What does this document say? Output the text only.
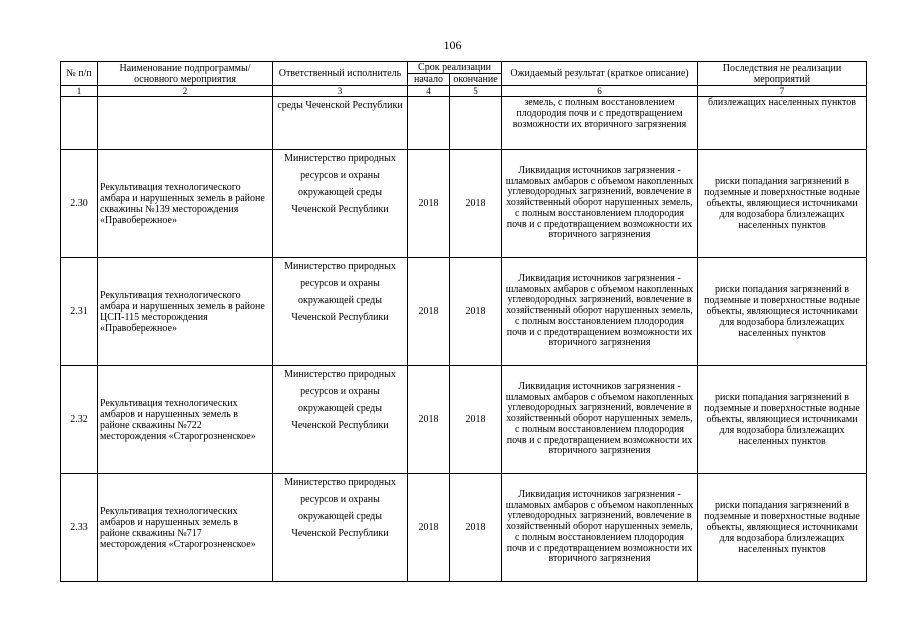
106
№ п/п	Наименование подпрограммы/ основного мероприятия	Ответственный исполнитель	Срок реализации		Ожидаемый результат (краткое описание)	Последствия не реализации мероприятий
			начало	окончание		
1	2	3	4	5	6	7
		среды Чеченской Республики			земель, с полным восстановлением плодородия почв и с предотвращением возможности их вторичного загрязнения	близлежащих населенных пунктов
2.30	Рекультивация технологического амбара и нарушенных земель в районе скважины №139 месторождения «Правобережное»	Министерство природных ресурсов и охраны окружающей среды Чеченской Республики	2018	2018	Ликвидация источников загрязнения - шламовых амбаров с объемом накопленных углеводородных загрязнений, вовлечение в хозяйственный оборот нарушенных земель, с полным восстановлением плодородия почв и с предотвращением возможности их вторичного загрязнения	риски попадания загрязнений в подземные и поверхностные водные объекты, являющиеся источниками для водозабора близлежащих населенных пунктов
2.31	Рекультивация технологического амбара и нарушенных земель в районе ЦСП-115 месторождения «Правобережное»	Министерство природных ресурсов и охраны окружающей среды Чеченской Республики	2018	2018	Ликвидация источников загрязнения - шламовых амбаров с объемом накопленных углеводородных загрязнений, вовлечение в хозяйственный оборот нарушенных земель, с полным восстановлением плодородия почв и с предотвращением возможности их вторичного загрязнения	риски попадания загрязнений в подземные и поверхностные водные объекты, являющиеся источниками для водозабора близлежащих населенных пунктов
2.32	Рекультивация технологических амбаров и нарушенных земель в районе скважины №722 месторождения «Старогрозненское»	Министерство природных ресурсов и охраны окружающей среды Чеченской Республики	2018	2018	Ликвидация источников загрязнения - шламовых амбаров с объемом накопленных углеводородных загрязнений, вовлечение в хозяйственный оборот нарушенных земель, с полным восстановлением плодородия почв и с предотвращением возможности их вторичного загрязнения	риски попадания загрязнений в подземные и поверхностные водные объекты, являющиеся источниками для водозабора близлежащих населенных пунктов
2.33	Рекультивация технологических амбаров и нарушенных земель в районе скважины №717 месторождения «Старогрозненское»	Министерство природных ресурсов и охраны окружающей среды Чеченской Республики	2018	2018	Ликвидация источников загрязнения - шламовых амбаров с объемом накопленных углеводородных загрязнений, вовлечение в хозяйственный оборот нарушенных земель, с полным восстановлением плодородия почв и с предотвращением возможности их вторичного загрязнения	риски попадания загрязнений в подземные и поверхностные водные объекты, являющиеся источниками для водозабора близлежащих населенных пунктов
